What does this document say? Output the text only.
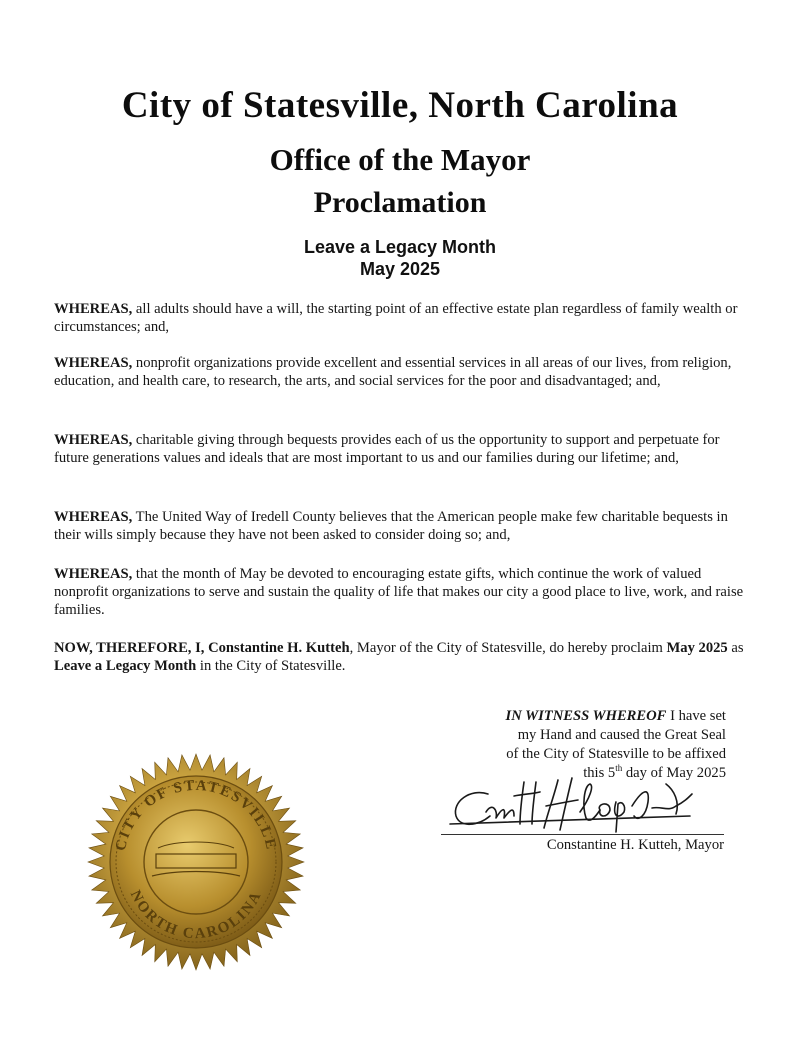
City of Statesville, North Carolina
Office of the Mayor
Proclamation
Leave a Legacy Month
May 2025
WHEREAS, all adults should have a will, the starting point of an effective estate plan regardless of family wealth or circumstances; and,
WHEREAS, nonprofit organizations provide excellent and essential services in all areas of our lives, from religion, education, and health care, to research, the arts, and social services for the poor and disadvantaged; and,
WHEREAS, charitable giving through bequests provides each of us the opportunity to support and perpetuate for future generations values and ideals that are most important to us and our families during our lifetime; and,
WHEREAS, The United Way of Iredell County believes that the American people make few charitable bequests in their wills simply because they have not been asked to consider doing so; and,
WHEREAS, that the month of May be devoted to encouraging estate gifts, which continue the work of valued nonprofit organizations to serve and sustain the quality of life that makes our city a good place to live, work, and raise families.
NOW, THEREFORE, I, Constantine H. Kutteh, Mayor of the City of Statesville, do hereby proclaim May 2025 as Leave a Legacy Month in the City of Statesville.
IN WITNESS WHEREOF I have set
my Hand and caused the Great Seal
of the City of Statesville to be affixed
this 5th day of May 2025
Constantine H. Kutteh, Mayor
CITY OF STATESVILLE
NORTH CAROLINA
